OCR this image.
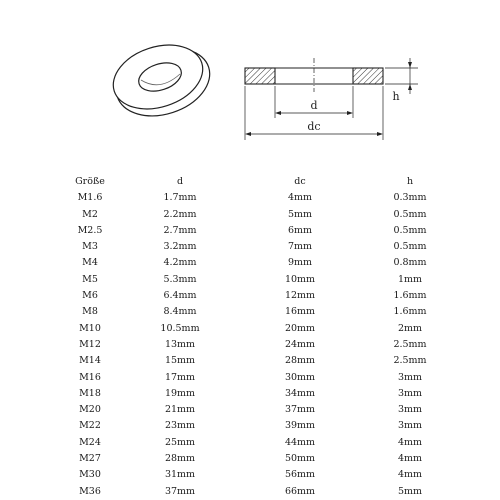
d
dc
h
Größe	d	dc	h
M1.6	1.7mm	4mm	0.3mm
M2	2.2mm	5mm	0.5mm
M2.5	2.7mm	6mm	0.5mm
M3	3.2mm	7mm	0.5mm
M4	4.2mm	9mm	0.8mm
M5	5.3mm	10mm	1mm
M6	6.4mm	12mm	1.6mm
M8	8.4mm	16mm	1.6mm
M10	10.5mm	20mm	2mm
M12	13mm	24mm	2.5mm
M14	15mm	28mm	2.5mm
M16	17mm	30mm	3mm
M18	19mm	34mm	3mm
M20	21mm	37mm	3mm
M22	23mm	39mm	3mm
M24	25mm	44mm	4mm
M27	28mm	50mm	4mm
M30	31mm	56mm	4mm
M36	37mm	66mm	5mm
